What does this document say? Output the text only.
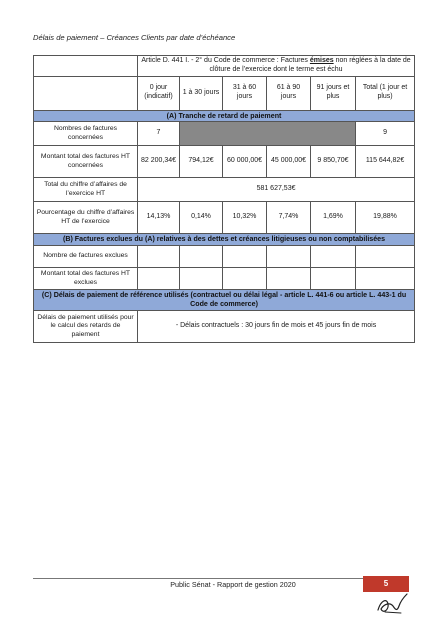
Délais de paiement – Créances Clients par date d’échéance
	Article D. 441 I. - 2° du Code de commerce : Factures émises non réglées à la date de clôture de l’exercice dont le terme est échu					
	0 jour (indicatif)	1 à 30 jours	31 à 60 jours	61 à 90 jours	91 jours et plus	Total (1 jour et plus)
(A) Tranche de retard de paiement						
Nombres de factures concernées	7					9
Montant total des factures HT concernées	82 200,34€	794,12€	60 000,00€	45 000,00€	9 850,70€	115 644,82€
Total du chiffre d’affaires de l’exercice HT	581 627,53€					
Pourcentage du chiffre d’affaires HT de l’exercice	14,13%	0,14%	10,32%	7,74%	1,69%	19,88%
(B) Factures exclues du (A) relatives à des dettes et créances litigieuses ou non comptabilisées						
Nombre de factures exclues						
Montant total des factures HT exclues						
(C) Délais de paiement de référence utilisés (contractuel ou délai légal - article L. 441-6 ou article L. 443-1 du Code de commerce)						
Délais de paiement utilisés pour le calcul des retards de paiement	- Délais contractuels : 30 jours fin de mois et 45 jours fin de mois					
Public Sénat - Rapport de gestion 2020	5
